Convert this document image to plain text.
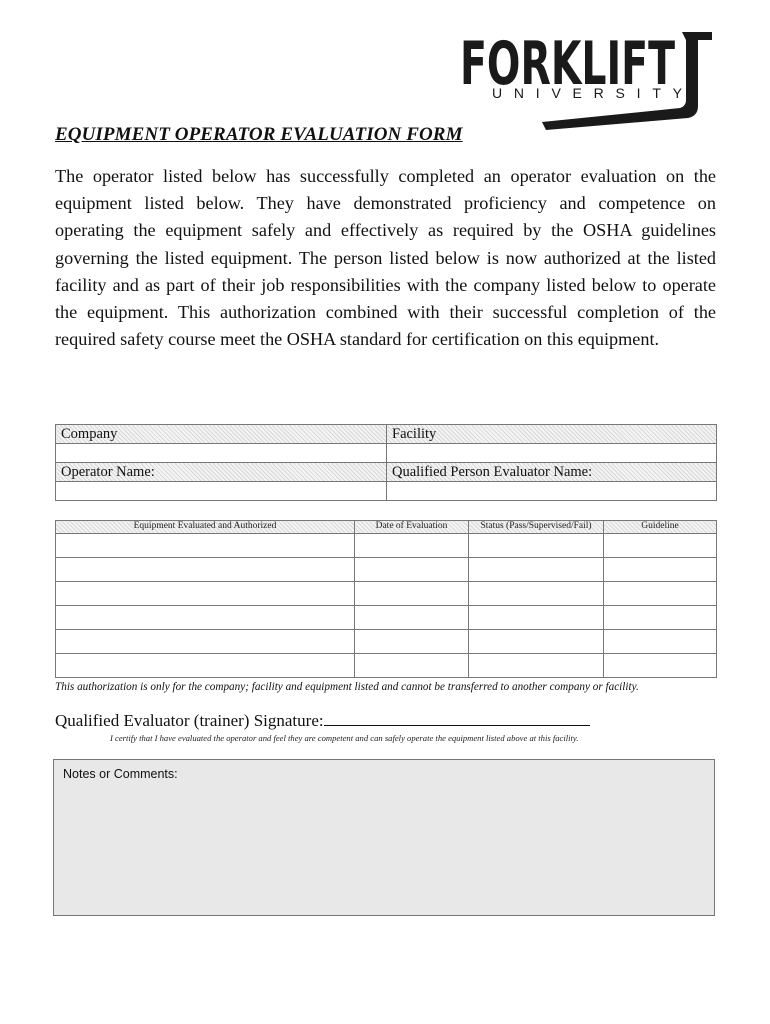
FORKLIFT
UNIVERSITY
EQUIPMENT OPERATOR EVALUATION FORM

The operator listed below has successfully completed an operator evaluation on the equipment listed below. They have demonstrated proficiency and competence on operating the equipment safely and effectively as required by the OSHA guidelines governing the listed equipment. The person listed below is now authorized at the listed facility and as part of their job responsibilities with the company listed below to operate the equipment. This authorization combined with their successful completion of the required safety course meet the OSHA standard for certification on this equipment.

Company	Facility

Operator Name:	Qualified Person Evaluator Name:

Equipment Evaluated and Authorized	Date of Evaluation	Status (Pass/Supervised/Fail)	Guideline

This authorization is only for the company; facility and equipment listed and cannot be transferred to another company or facility.

Qualified Evaluator (trainer) Signature:

I certify that I have evaluated the operator and feel they are competent and can safely operate the equipment listed above at this facility.

Notes or Comments:
